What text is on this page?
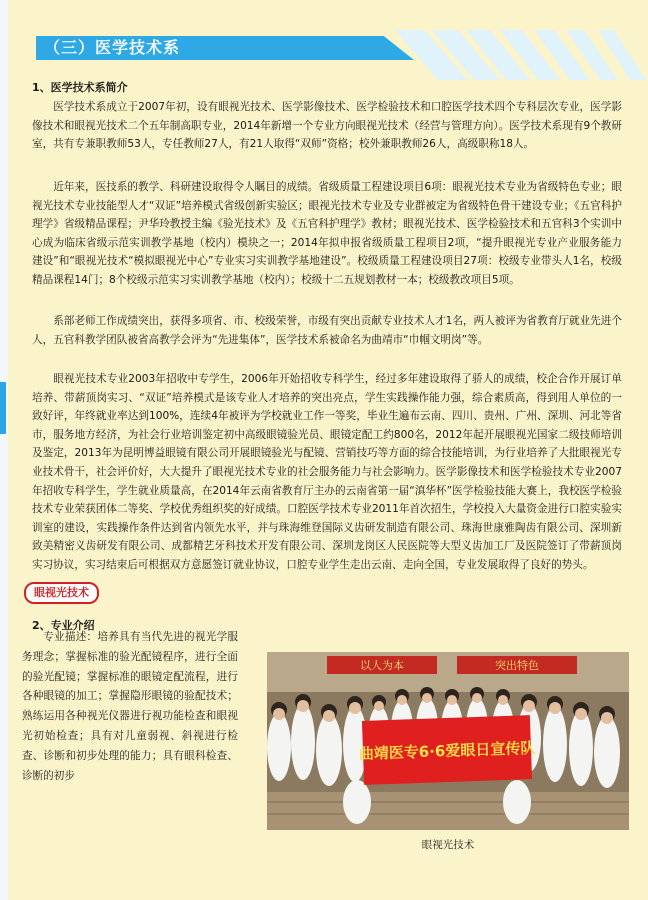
（三）医学技术系
1、医学技术系简介

医学技术系成立于2007年初，设有眼视光技术、医学影像技术、医学检验技术和口腔医学技术四个专科层次专业，医学影像技术和眼视光技术二个五年制高职专业，2014年新增一个专业方向眼视光技术（经营与管理方向）。医学技术系现有9个教研室，共有专兼职教师53人，专任教师27人，有21人取得“双师”资格；校外兼职教师26人，高级职称18人。

近年来，医技系的教学、科研建设取得令人瞩目的成绩。省级质量工程建设项目6项：眼视光技术专业为省级特色专业；眼视光技术专业技能型人才“双证”培养模式省级创新实验区；眼视光技术专业及专业群被定为省级特色骨干建设专业；《五官科护理学》省级精品课程；尹华玲教授主编《验光技术》及《五官科护理学》教材；眼视光技术、医学检验技术和五官科3个实训中心成为临床省级示范实训教学基地（校内）模块之一；2014年拟申报省级质量工程项目2项，“提升眼视光专业产业服务能力建设”和“眼视光技术“模拟眼视光中心”专业实习实训教学基地建设”。校级质量工程建设项目27项：校级专业带头人1名，校级精品课程14门；8个校级示范实习实训教学基地（校内）；校级十二五规划教材一本；校级教改项目5项。

系部老师工作成绩突出，获得多项省、市、校级荣誉，市级有突出贡献专业技术人才1名，两人被评为省教育厅就业先进个人，五官科教学团队被省高教学会评为“先进集体”，医学技术系被命名为曲靖市“巾帼文明岗”等。

眼视光技术专业2003年招收中专学生，2006年开始招收专科学生，经过多年建设取得了骄人的成绩，校企合作开展订单培养、带薪顶岗实习、“双证”培养模式是该专业人才培养的突出亮点，学生实践操作能力强，综合素质高，得到用人单位的一致好评，年终就业率达到100%，连续4年被评为学校就业工作一等奖，毕业生遍布云南、四川、贵州、广州、深圳、河北等省市，服务地方经济，为社会行业培训鉴定初中高级眼镜验光员、眼镜定配工约800名，2012年起开展眼视光国家二级技师培训及鉴定，2013年为昆明博益眼镜有限公司开展眼镜验光与配镜、营销技巧等方面的综合技能培训，为行业培养了大批眼视光专业技术骨干，社会评价好，大大提升了眼视光技术专业的社会服务能力与社会影响力。医学影像技术和医学检验技术专业2007年招收专科学生，学生就业质量高，在2014年云南省教育厅主办的云南省第一届“滇华杯”医学检验技能大赛上，我校医学检验技术专业荣获团体二等奖、学校优秀组织奖的好成绩。口腔医学技术专业2011年首次招生，学校投入大量资金进行口腔实验实训室的建设，实践操作条件达到省内领先水平，并与珠海维登国际义齿研发制造有限公司、珠海世康雅陶齿有限公司、深圳新致美精密义齿研发有限公司、成都精艺牙科技术开发有限公司、深圳龙岗区人民医院等大型义齿加工厂及医院签订了带薪顶岗实习协议，实习结束后可根据双方意愿签订就业协议，口腔专业学生走出云南、走向全国，专业发展取得了良好的势头。

2、专业介绍
眼视光技术

专业描述：培养具有当代先进的视光学服务理念；掌握标准的验光配镜程序，进行全面的验光配镜；掌握标准的眼镜定配流程，进行各种眼镜的加工；掌握隐形眼镜的验配技术；熟练运用各种视光仪器进行视功能检查和眼视光初始检查；具有对儿童弱视、斜视进行检查、诊断和初步处理的能力；具有眼科检查、诊断的初步

以人为本	突出特色
曲靖医专6·6爱眼日宣传队
眼视光技术
